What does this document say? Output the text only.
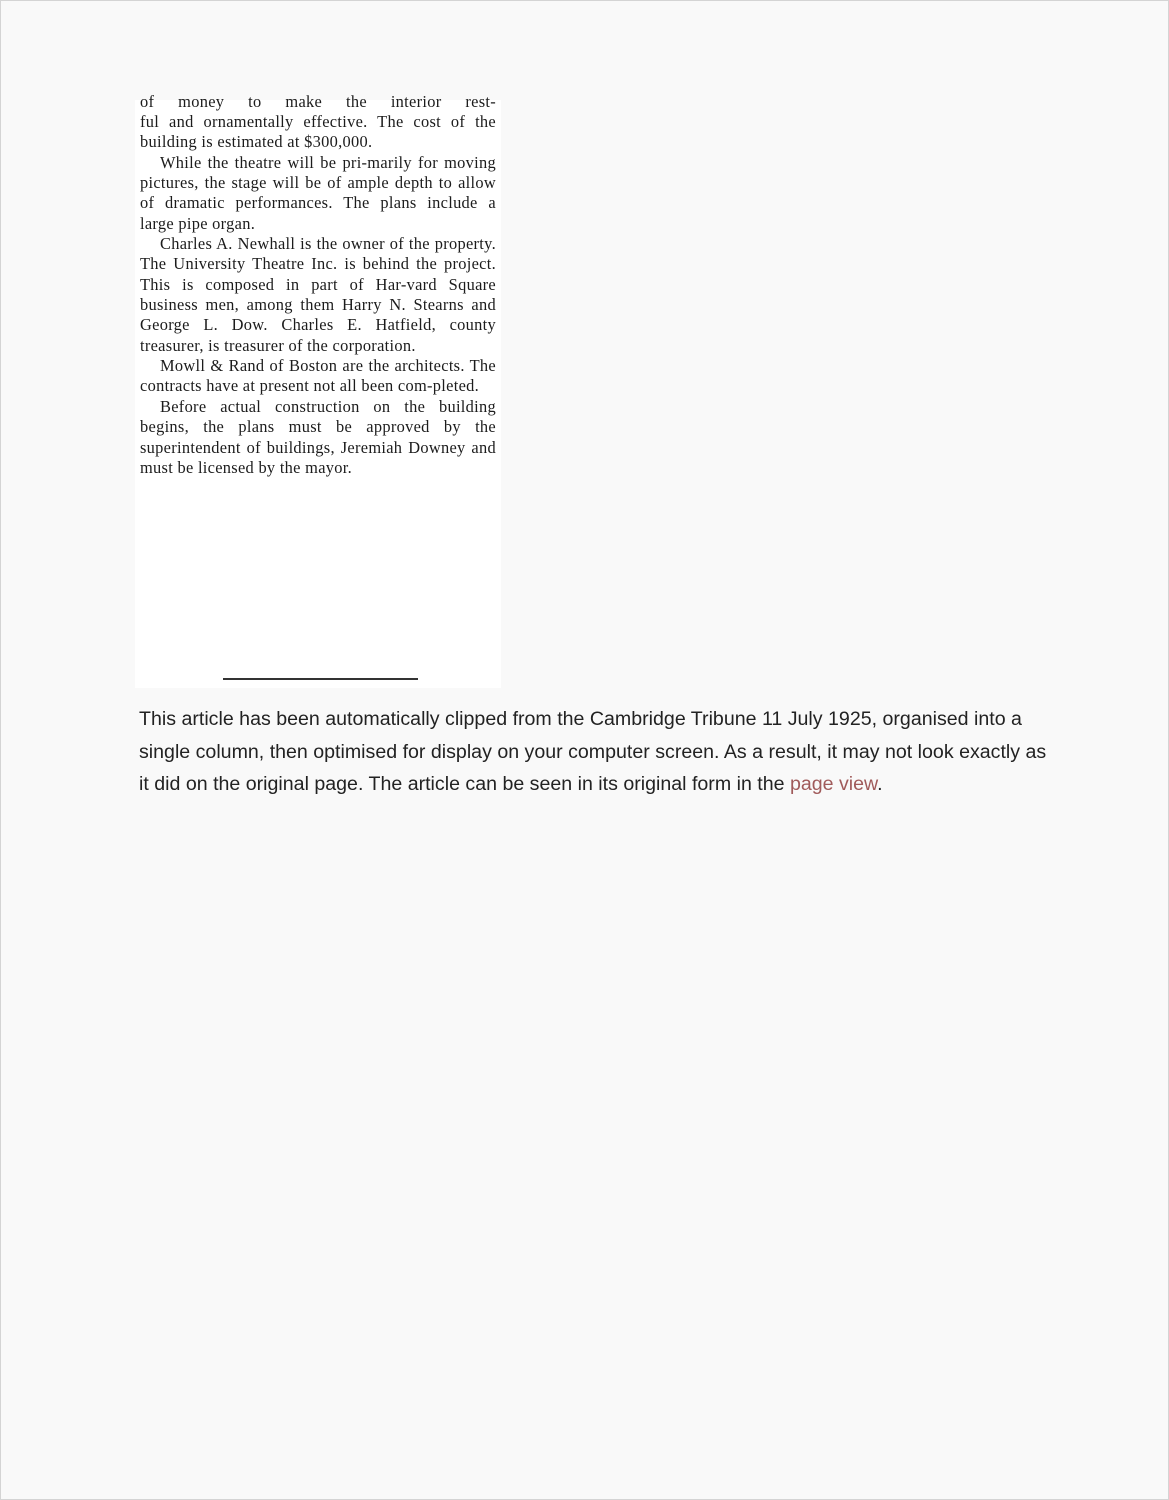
of money to make the interior rest-

ful and ornamentally effective. The cost of the building is estimated at $300,000.

While the theatre will be pri-marily for moving pictures, the stage will be of ample depth to allow of dramatic performances. The plans include a large pipe organ.

Charles A. Newhall is the owner of the property. The University Theatre Inc. is behind the project. This is composed in part of Har-vard Square business men, among them Harry N. Stearns and George L. Dow. Charles E. Hatfield, county treasurer, is treasurer of the corporation.

Mowll & Rand of Boston are the architects. The contracts have at present not all been com-pleted.

Before actual construction on the building begins, the plans must be approved by the superintendent of buildings, Jeremiah Downey and must be licensed by the mayor.

This article has been automatically clipped from the Cambridge Tribune 11 July 1925, organised into a single column, then optimised for display on your computer screen. As a result, it may not look exactly as it did on the original page. The article can be seen in its original form in the page view.
